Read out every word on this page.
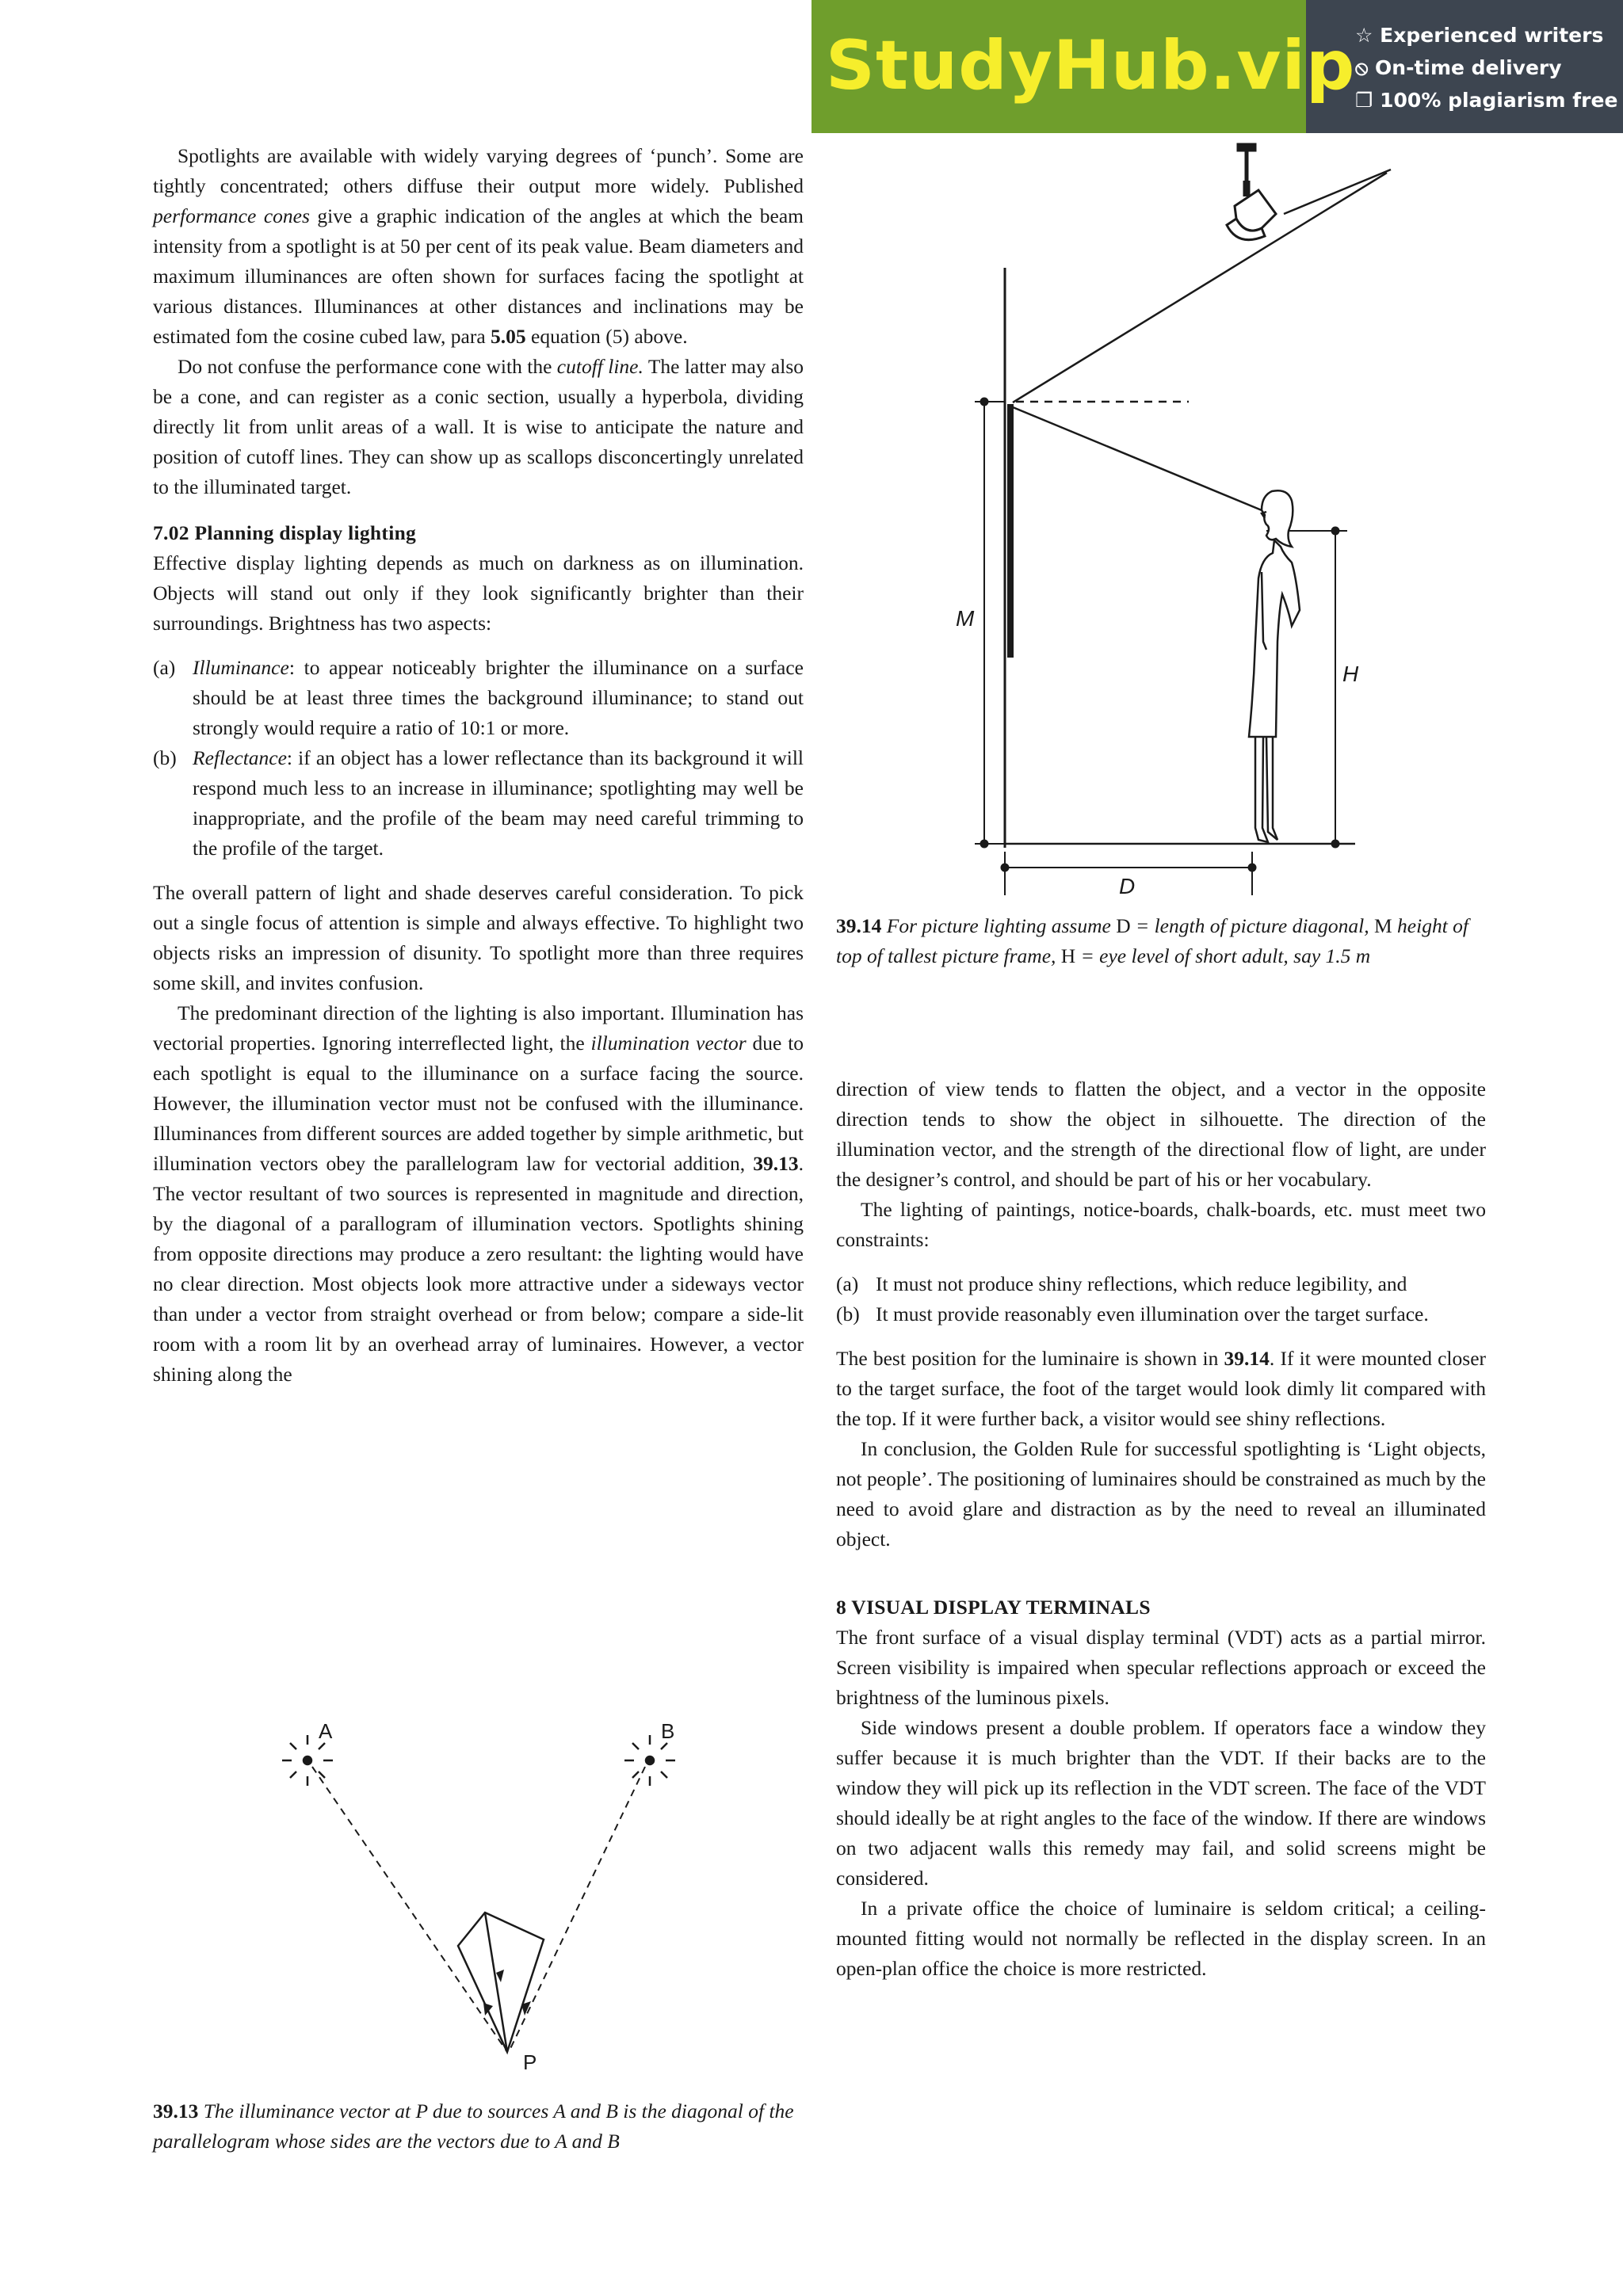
StudyHub.vip ☆ Experienced writers
⦸ On-time delivery
❐ 100% plagiarism free

Spotlights are available with widely varying degrees of ‘punch’. Some are tightly concentrated; others diffuse their output more widely. Published performance cones give a graphic indication of the angles at which the beam intensity from a spotlight is at 50 per cent of its peak value. Beam diameters and maximum illuminances are often shown for surfaces facing the spotlight at various distances. Illuminances at other distances and inclinations may be estimated fom the cosine cubed law, para 5.05 equation (5) above.

Do not confuse the performance cone with the cutoff line. The latter may also be a cone, and can register as a conic section, usually a hyperbola, dividing directly lit from unlit areas of a wall. It is wise to anticipate the nature and position of cutoff lines. They can show up as scallops disconcertingly unrelated to the illuminated target.

7.02 Planning display lighting

Effective display lighting depends as much on darkness as on illumination. Objects will stand out only if they look significantly brighter than their surroundings. Brightness has two aspects:

(a) Illuminance: to appear noticeably brighter the illuminance on a surface should be at least three times the background illuminance; to stand out strongly would require a ratio of 10:1 or more.
(b) Reflectance: if an object has a lower reflectance than its background it will respond much less to an increase in illuminance; spotlighting may well be inappropriate, and the profile of the beam may need careful trimming to the profile of the target.

The overall pattern of light and shade deserves careful consideration. To pick out a single focus of attention is simple and always effective. To highlight two objects risks an impression of disunity. To spotlight more than three requires some skill, and invites confusion.

The predominant direction of the lighting is also important. Illumination has vectorial properties. Ignoring interreflected light, the illumination vector due to each spotlight is equal to the illuminance on a surface facing the source. However, the illumination vector must not be confused with the illuminance. Illuminances from different sources are added together by simple arithmetic, but illumination vectors obey the parallelogram law for vectorial addition, 39.13. The vector resultant of two sources is represented in magnitude and direction, by the diagonal of a parallogram of illumination vectors. Spotlights shining from opposite directions may produce a zero resultant: the lighting would have no clear direction. Most objects look more attractive under a sideways vector than under a vector from straight overhead or from below; compare a side-lit room with a room lit by an overhead array of luminaires. However, a vector shining along the

M
H
D
39.14 For picture lighting assume D = length of picture diagonal, M height of top of tallest picture frame, H = eye level of short adult, say 1.5 m

direction of view tends to flatten the object, and a vector in the opposite direction tends to show the object in silhouette. The direction of the illumination vector, and the strength of the directional flow of light, are under the designer’s control, and should be part of his or her vocabulary.

The lighting of paintings, notice-boards, chalk-boards, etc. must meet two constraints:

(a) It must not produce shiny reflections, which reduce legibility, and
(b) It must provide reasonably even illumination over the target surface.

The best position for the luminaire is shown in 39.14. If it were mounted closer to the target surface, the foot of the target would look dimly lit compared with the top. If it were further back, a visitor would see shiny reflections.

In conclusion, the Golden Rule for successful spotlighting is ‘Light objects, not people’. The positioning of luminaires should be constrained as much by the need to avoid glare and distraction as by the need to reveal an illuminated object.

8 VISUAL DISPLAY TERMINALS

The front surface of a visual display terminal (VDT) acts as a partial mirror. Screen visibility is impaired when specular reflections approach or exceed the brightness of the luminous pixels.

Side windows present a double problem. If operators face a window they suffer because it is much brighter than the VDT. If their backs are to the window they will pick up its reflection in the VDT screen. The face of the VDT should ideally be at right angles to the face of the window. If there are windows on two adjacent walls this remedy may fail, and solid screens might be considered.

In a private office the choice of luminaire is seldom critical; a ceiling-mounted fitting would not normally be reflected in the display screen. In an open-plan office the choice is more restricted.

A	B
P
39.13 The illuminance vector at P due to sources A and B is the diagonal of the parallelogram whose sides are the vectors due to A and B
